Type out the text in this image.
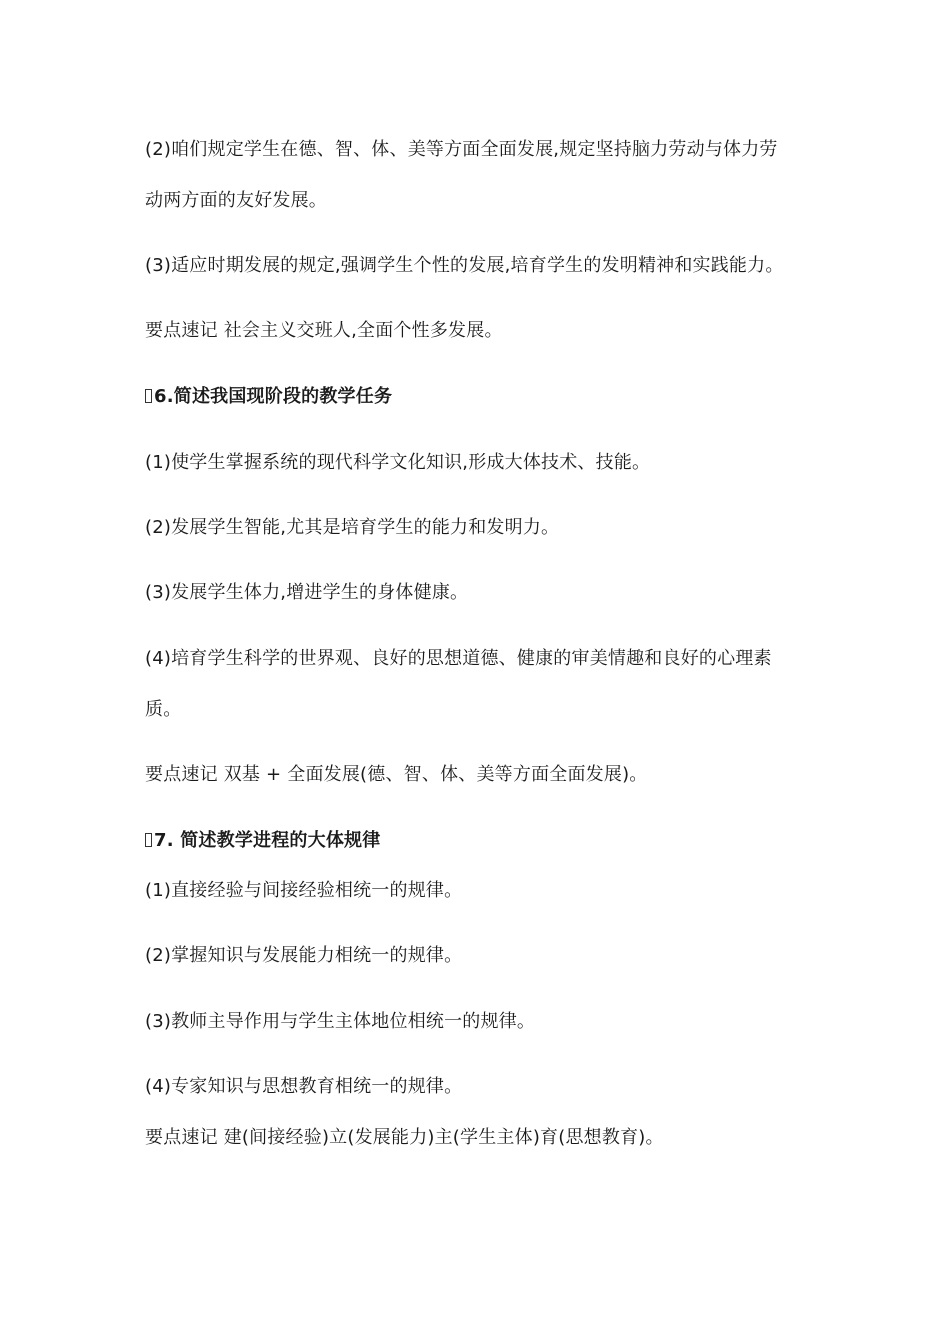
(2)咱们规定学生在德、智、体、美等方面全面发展,规定坚持脑力劳动与体力劳
动两方面的友好发展。
(3)适应时期发展的规定,强调学生个性的发展,培育学生的发明精神和实践能力。
要点速记 社会主义交班人,全面个性多发展。
6.简述我国现阶段的教学任务
(1)使学生掌握系统的现代科学文化知识,形成大体技术、技能。
(2)发展学生智能,尤其是培育学生的能力和发明力。
(3)发展学生体力,增进学生的身体健康。
(4)培育学生科学的世界观、良好的思想道德、健康的审美情趣和良好的心理素
质。
要点速记 双基 + 全面发展(德、智、体、美等方面全面发展)。
7. 简述教学进程的大体规律
(1)直接经验与间接经验相统一的规律。
(2)掌握知识与发展能力相统一的规律。
(3)教师主导作用与学生主体地位相统一的规律。
(4)专家知识与思想教育相统一的规律。
要点速记 建(间接经验)立(发展能力)主(学生主体)育(思想教育)。
